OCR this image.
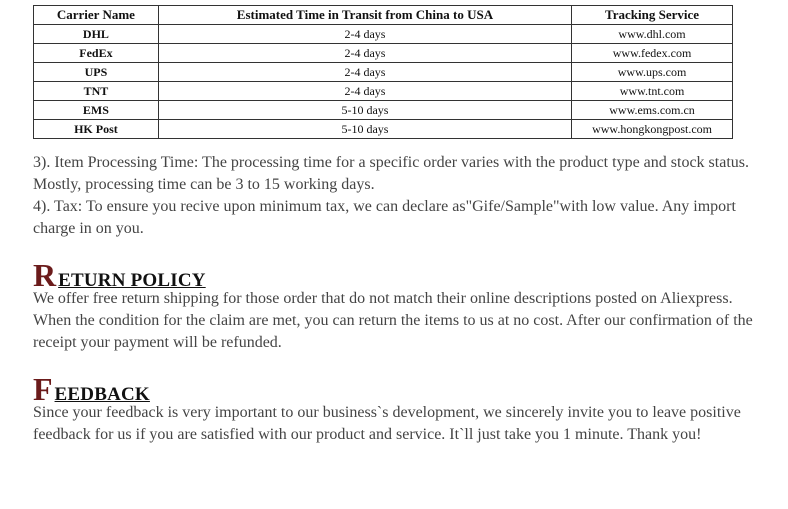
Carrier Name	Estimated Time in Transit from China to USA	Tracking Service
DHL	2-4 days	www.dhl.com
FedEx	2-4 days	www.fedex.com
UPS	2-4 days	www.ups.com
TNT	2-4 days	www.tnt.com
EMS	5-10 days	www.ems.com.cn
HK Post	5-10 days	www.hongkongpost.com

3). Item Processing Time: The processing time for a specific order varies with the product type and stock status. Mostly, processing time can be 3 to 15 working days.
4). Tax: To ensure you recive upon minimum tax, we can declare as"Gife/Sample"with low value. Any import charge in on you.

RETURN POLICY

We offer free return shipping for those order that do not match their online descriptions posted on Aliexpress. When the condition for the claim are met, you can return the items to us at no cost. After our confirmation of the receipt your payment will be refunded.

FEEDBACK

Since your feedback is very important to our business`s development, we sincerely invite you to leave positive feedback for us if you are satisfied with our product and service. It`ll just take you 1 minute. Thank you!
